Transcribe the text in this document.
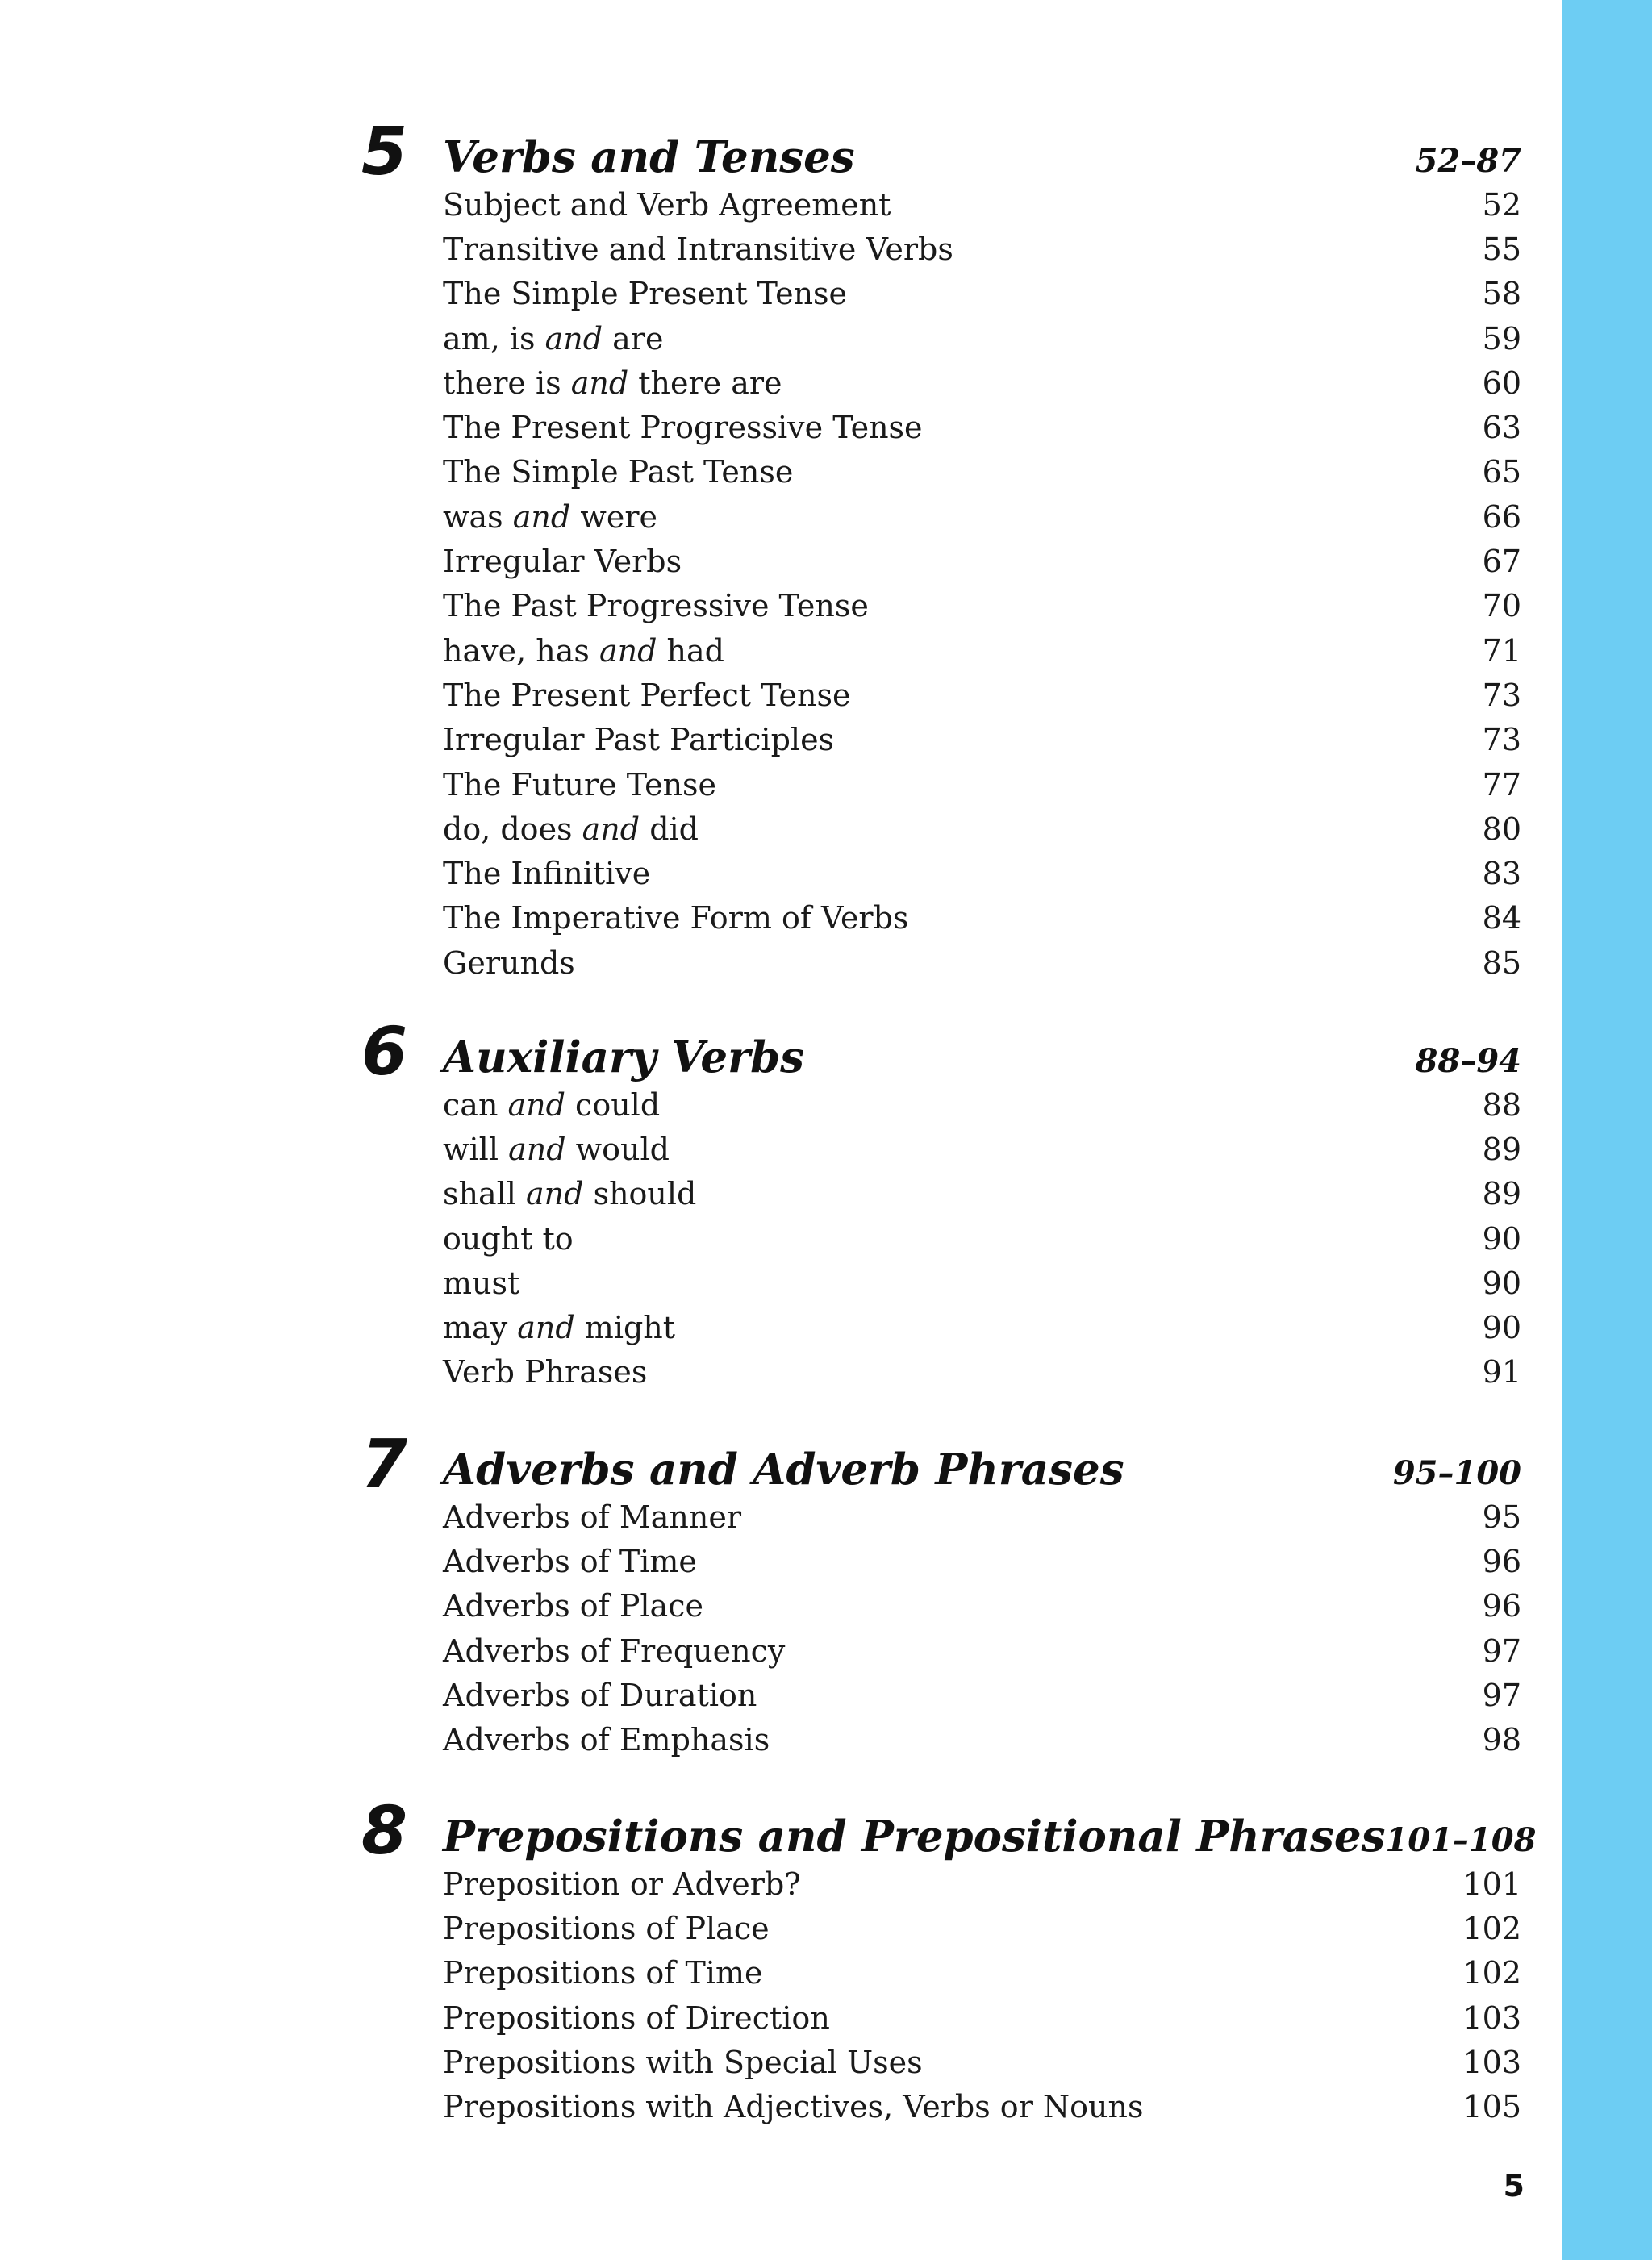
5 Verbs and Tenses	52–87
Subject and Verb Agreement	52
Transitive and Intransitive Verbs	55
The Simple Present Tense	58
am, is and are	59
there is and there are	60
The Present Progressive Tense	63
The Simple Past Tense	65
was and were	66
Irregular Verbs	67
The Past Progressive Tense	70
have, has and had	71
The Present Perfect Tense	73
Irregular Past Participles	73
The Future Tense	77
do, does and did	80
The Infinitive	83
The Imperative Form of Verbs	84
Gerunds	85
6 Auxiliary Verbs	88–94
can and could	88
will and would	89
shall and should	89
ought to	90
must	90
may and might	90
Verb Phrases	91
7 Adverbs and Adverb Phrases	95–100
Adverbs of Manner	95
Adverbs of Time	96
Adverbs of Place	96
Adverbs of Frequency	97
Adverbs of Duration	97
Adverbs of Emphasis	98
8 Prepositions and Prepositional Phrases 101–108
Preposition or Adverb?	101
Prepositions of Place	102
Prepositions of Time	102
Prepositions of Direction	103
Prepositions with Special Uses	103
Prepositions with Adjectives, Verbs or Nouns	105
5
